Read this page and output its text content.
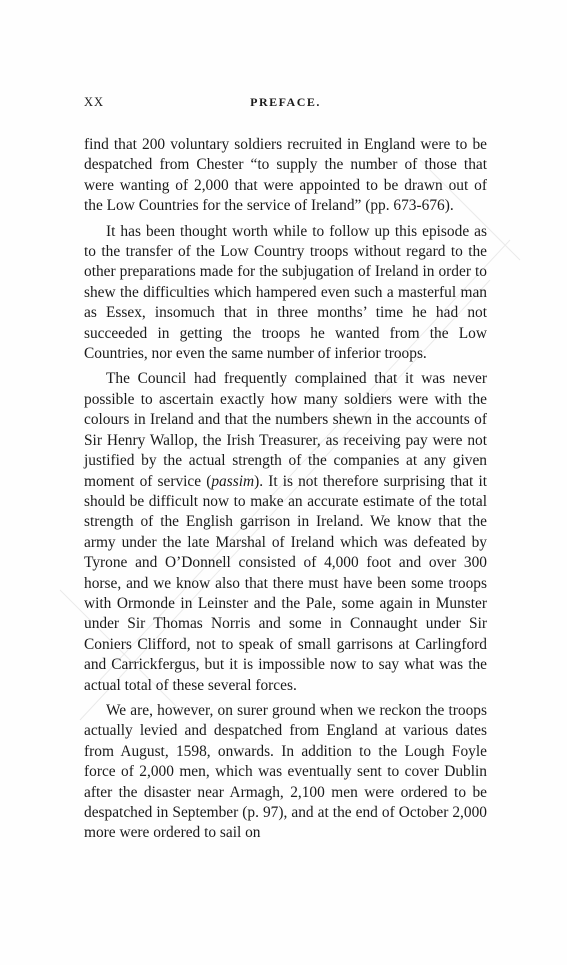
XX	PREFACE.

find that 200 voluntary soldiers recruited in England were to be despatched from Chester “to supply the number of those that were wanting of 2,000 that were appointed to be drawn out of the Low Countries for the service of Ireland” (pp. 673-676).

It has been thought worth while to follow up this episode as to the transfer of the Low Country troops without regard to the other preparations made for the subjugation of Ireland in order to shew the difficulties which hampered even such a masterful man as Essex, insomuch that in three months’ time he had not succeeded in getting the troops he wanted from the Low Countries, nor even the same number of inferior troops.

The Council had frequently complained that it was never possible to ascertain exactly how many soldiers were with the colours in Ireland and that the numbers shewn in the accounts of Sir Henry Wallop, the Irish Treasurer, as receiving pay were not justified by the actual strength of the companies at any given moment of service (passim). It is not therefore surprising that it should be difficult now to make an accurate estimate of the total strength of the English garrison in Ireland. We know that the army under the late Marshal of Ireland which was defeated by Tyrone and O’Donnell consisted of 4,000 foot and over 300 horse, and we know also that there must have been some troops with Ormonde in Leinster and the Pale, some again in Munster under Sir Thomas Norris and some in Connaught under Sir Coniers Clifford, not to speak of small garrisons at Carlingford and Carrickfergus, but it is impossible now to say what was the actual total of these several forces.

We are, however, on surer ground when we reckon the troops actually levied and despatched from England at various dates from August, 1598, onwards. In addition to the Lough Foyle force of 2,000 men, which was eventually sent to cover Dublin after the disaster near Armagh, 2,100 men were ordered to be despatched in September (p. 97), and at the end of October 2,000 more were ordered to sail on
